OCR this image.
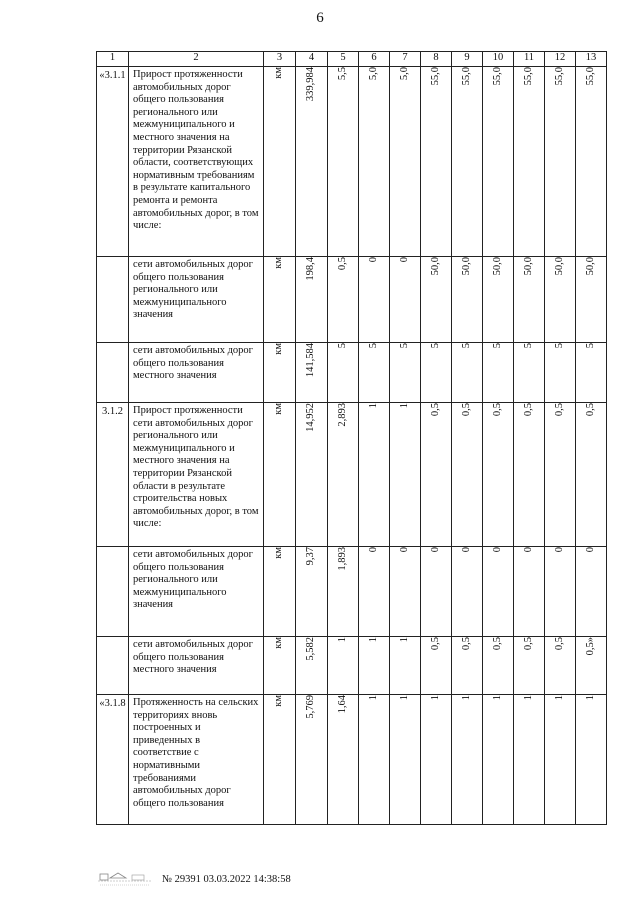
6
1	2	3	4	5	6	7	8	9	10	11	12	13
«3.1.1	Прирост протяженности автомобильных дорог общего пользования регионального или межмуниципального и местного значения на территории Рязанской области, соответствующих нормативным требованиям в результате капитального ремонта и ремонта автомобильных дорог, в том числе:	км	339,984	5,5	5,0	5,0	55,0	55,0	55,0	55,0	55,0	55,0

	сети автомобильных дорог общего пользования регионального или межмуниципального значения	км	198,4	0,5	0	0	50,0	50,0	50,0	50,0	50,0	50,0

	сети автомобильных дорог общего пользования местного значения	км	141,584	5	5	5	5	5	5	5	5	5

3.1.2	Прирост протяженности сети автомобильных дорог регионального или межмуниципального и местного значения на территории Рязанской области в результате строительства новых автомобильных дорог, в том числе:	км	14,952	2,893	1	1	0,5	0,5	0,5	0,5	0,5	0,5

	сети автомобильных дорог общего пользования регионального или межмуниципального значения	км	9,37	1,893	0	0	0	0	0	0	0	0

	сети автомобильных дорог общего пользования местного значения	км	5,582	1	1	1	0,5	0,5	0,5	0,5	0,5	0,5»

«3.1.8	Протяженность на сельских территориях вновь построенных и приведенных в соответствие с нормативными требованиями автомобильных дорог общего пользования	км	5,769	1,64	1	1	1	1	1	1	1	1
№ 29391 03.03.2022 14:38:58
